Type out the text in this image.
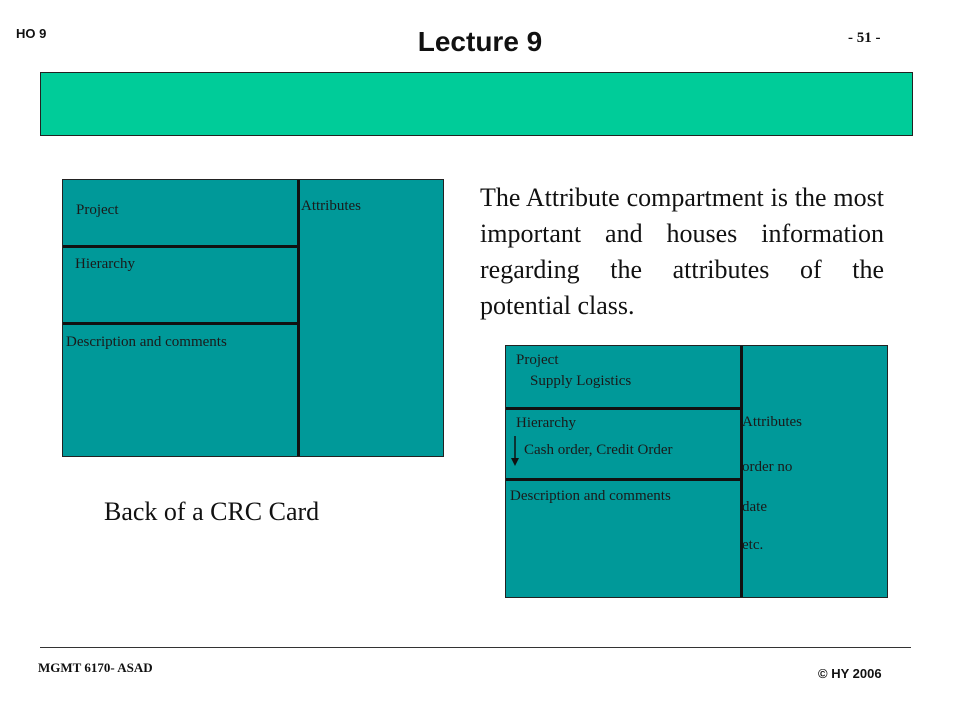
HO 9	Lecture 9	- 51 -
Project
Hierarchy
Description and comments
Attributes	The Attribute compartment is the most important and houses information regarding the attributes of the potential class.
Back of a CRC Card
Project
Supply Logistics
Hierarchy
Cash order, Credit Order
Description and comments
Attributes
order no
date
etc.
MGMT 6170- ASAD	© HY 2006
